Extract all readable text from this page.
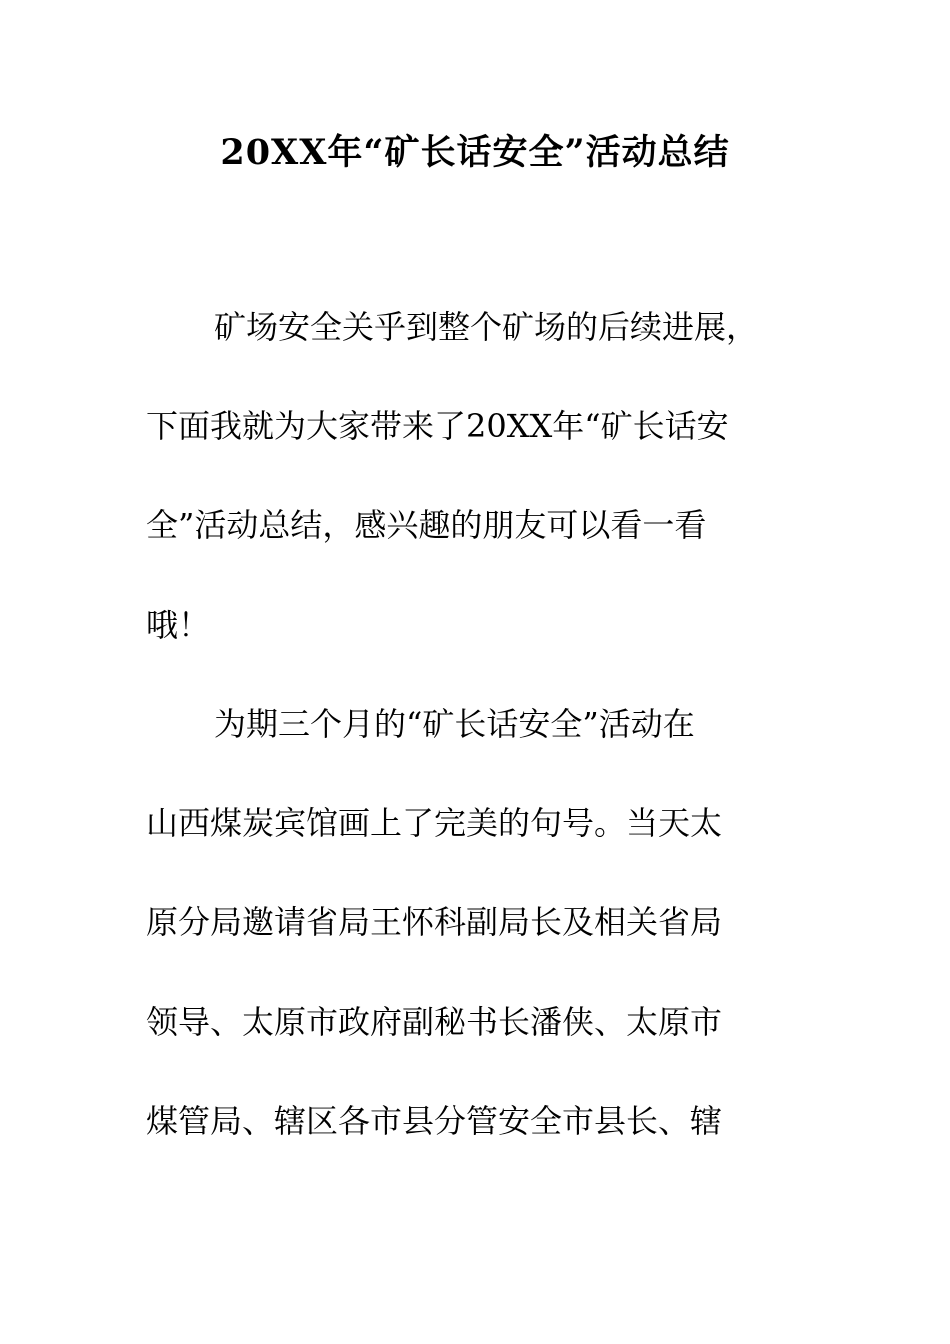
20XX年“矿长话安全”活动总结

矿场安全关乎到整个矿场的后续进展，

下面我就为大家带来了20XX年“矿长话安

全”活动总结，感兴趣的朋友可以看一看

哦！

为期三个月的“矿长话安全”活动在

山西煤炭宾馆画上了完美的句号。当天太

原分局邀请省局王怀科副局长及相关省局

领导、太原市政府副秘书长潘侠、太原市

煤管局、辖区各市县分管安全市县长、辖
